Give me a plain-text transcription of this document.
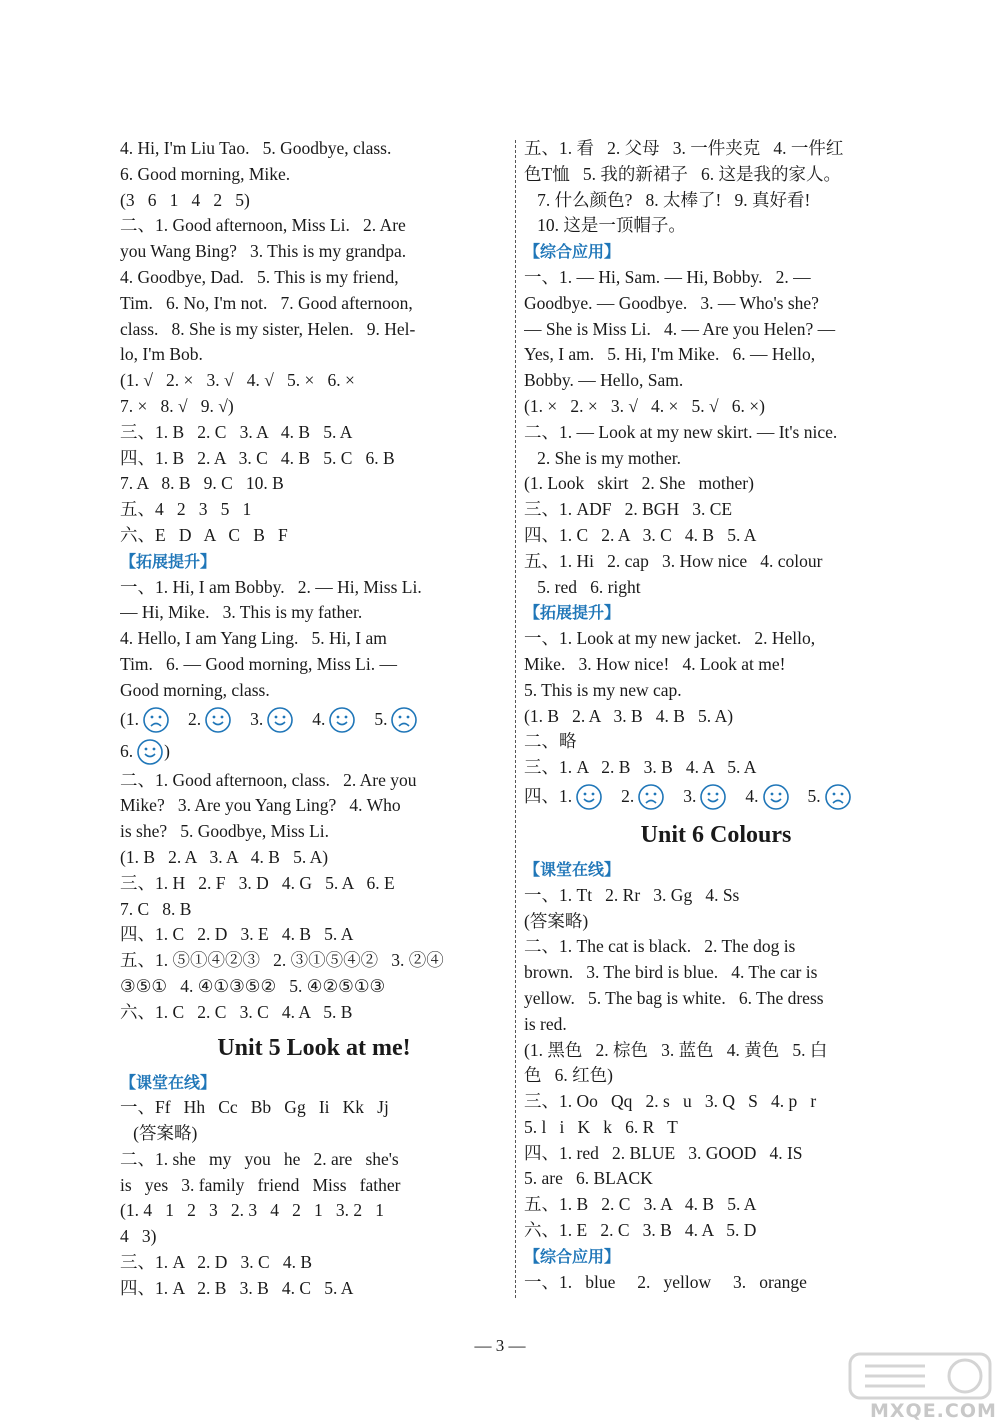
4. Hi, I'm Liu Tao.   5. Goodbye, class.
6. Good morning, Mike.
(3   6   1   4   2   5)
二、1. Good afternoon, Miss Li.   2. Are
you Wang Bing?   3. This is my grandpa.
4. Goodbye, Dad.   5. This is my friend,
Tim.   6. No, I'm not.   7. Good afternoon,
class.   8. She is my sister, Helen.   9. Hel-
lo, I'm Bob.
(1. √   2. ×   3. √   4. √   5. ×   6. ×
7. ×   8. √   9. √)
三、1. B   2. C   3. A   4. B   5. A
四、1. B   2. A   3. C   4. B   5. C   6. B
7. A   8. B   9. C   10. B
五、4   2   3   5   1
六、E   D   A   C   B   F
【拓展提升】
一、1. Hi, I am Bobby.   2. — Hi, Miss Li.
— Hi, Mike.   3. This is my father.
4. Hello, I am Yang Ling.   5. Hi, I am
Tim.   6. — Good morning, Miss Li. —
Good morning, class.
(1.	2.	3.	4.	5.
6. )
二、1. Good afternoon, class.   2. Are you
Mike?   3. Are you Yang Ling?   4. Who
is she?   5. Goodbye, Miss Li.
(1. B   2. A   3. A   4. B   5. A)
三、1. H   2. F   3. D   4. G   5. A   6. E
7. C   8. B
四、1. C   2. D   3. E   4. B   5. A
五、1. ⑤①④②③   2. ③①⑤④②   3. ②④
③⑤①   4. ④①③⑤②   5. ④②⑤①③
六、1. C   2. C   3. C   4. A   5. B
Unit 5 Look at me!
【课堂在线】
一、Ff   Hh   Cc   Bb   Gg   Ii   Kk   Jj
(答案略)
二、1. she   my   you   he   2. are   she's
is   yes   3. family   friend   Miss   father
(1. 4   1   2   3   2. 3   4   2   1   3. 2   1
4   3)
三、1. A   2. D   3. C   4. B
四、1. A   2. B   3. B   4. C   5. A
五、1. 看   2. 父母   3. 一件夹克   4. 一件红
色T恤   5. 我的新裙子   6. 这是我的家人。
7. 什么颜色?   8. 太棒了!   9. 真好看!
10. 这是一顶帽子。
【综合应用】
一、1. — Hi, Sam. — Hi, Bobby.   2. —
Goodbye. — Goodbye.   3. — Who's she?
— She is Miss Li.   4. — Are you Helen? —
Yes, I am.   5. Hi, I'm Mike.   6. — Hello,
Bobby. — Hello, Sam.
(1. ×   2. ×   3. √   4. ×   5. √   6. ×)
二、1. — Look at my new skirt. — It's nice.
2. She is my mother.
(1. Look   skirt   2. She   mother)
三、1. ADF   2. BGH   3. CE
四、1. C   2. A   3. C   4. B   5. A
五、1. Hi   2. cap   3. How nice   4. colour
5. red   6. right
【拓展提升】
一、1. Look at my new jacket.   2. Hello,
Mike.   3. How nice!   4. Look at me!
5. This is my new cap.
(1. B   2. A   3. B   4. B   5. A)
二、略
三、1. A   2. B   3. B   4. A   5. A
四、1.	2.	3.	4.	5.
Unit 6 Colours
【课堂在线】
一、1. Tt   2. Rr   3. Gg   4. Ss
(答案略)
二、1. The cat is black.   2. The dog is
brown.   3. The bird is blue.   4. The car is
yellow.   5. The bag is white.   6. The dress
is red.
(1. 黑色   2. 棕色   3. 蓝色   4. 黄色   5. 白
色   6. 红色)
三、1. Oo   Qq   2. s   u   3. Q   S   4. p   r
5. l   i   K   k   6. R   T
四、1. red   2. BLUE   3. GOOD   4. IS
5. are   6. BLACK
五、1. B   2. C   3. A   4. B   5. A
六、1. E   2. C   3. B   4. A   5. D
【综合应用】
一、1.   blue     2.   yellow     3.   orange
— 3 —
MXQE.COM
